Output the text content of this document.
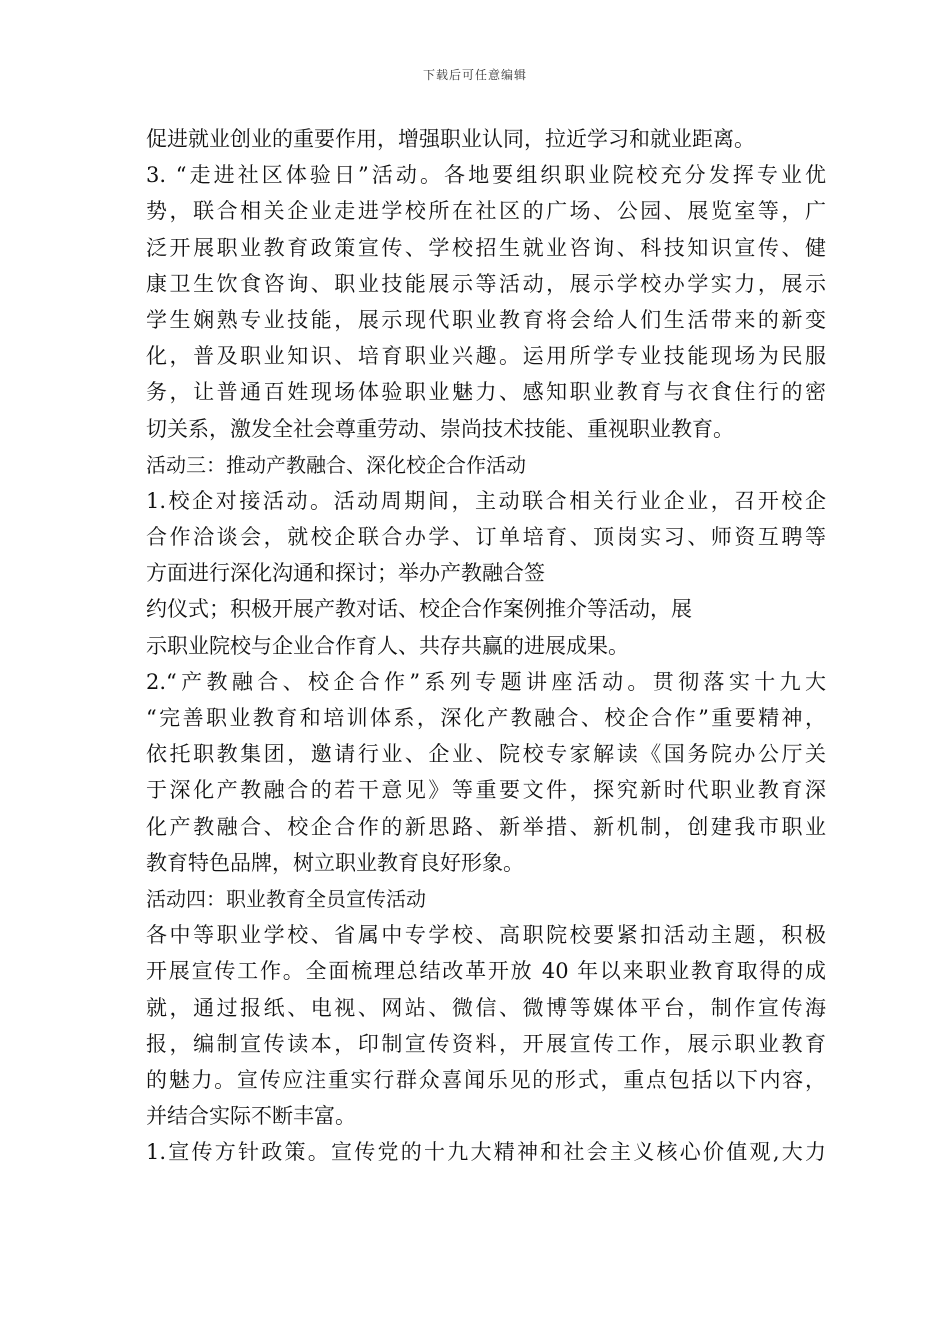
下载后可任意编辑
促进就业创业的重要作用，增强职业认同，拉近学习和就业距离。
3. “走进社区体验日”活动。各地要组织职业院校充分发挥专业优
势，联合相关企业走进学校所在社区的广场、公园、展览室等，广
泛开展职业教育政策宣传、学校招生就业咨询、科技知识宣传、健
康卫生饮食咨询、职业技能展示等活动，展示学校办学实力，展示
学生娴熟专业技能，展示现代职业教育将会给人们生活带来的新变
化，普及职业知识、培育职业兴趣。运用所学专业技能现场为民服
务，让普通百姓现场体验职业魅力、感知职业教育与衣食住行的密
切关系，激发全社会尊重劳动、崇尚技术技能、重视职业教育。
活动三：推动产教融合、深化校企合作活动
1.校企对接活动。活动周期间，主动联合相关行业企业，召开校企
合作洽谈会，就校企联合办学、订单培育、顶岗实习、师资互聘等
方面进行深化沟通和探讨；举办产教融合签
约仪式；积极开展产教对话、校企合作案例推介等活动，展
示职业院校与企业合作育人、共存共赢的进展成果。
2.“产教融合、校企合作”系列专题讲座活动。贯彻落实十九大
“完善职业教育和培训体系，深化产教融合、校企合作”重要精神，
依托职教集团，邀请行业、企业、院校专家解读《国务院办公厅关
于深化产教融合的若干意见》等重要文件，探究新时代职业教育深
化产教融合、校企合作的新思路、新举措、新机制，创建我市职业
教育特色品牌，树立职业教育良好形象。
活动四：职业教育全员宣传活动
各中等职业学校、省属中专学校、高职院校要紧扣活动主题，积极
开展宣传工作。全面梳理总结改革开放 40 年以来职业教育取得的成
就，通过报纸、电视、网站、微信、微博等媒体平台，制作宣传海
报，编制宣传读本，印制宣传资料，开展宣传工作，展示职业教育
的魅力。宣传应注重实行群众喜闻乐见的形式，重点包括以下内容，
并结合实际不断丰富。
1.宣传方针政策。宣传党的十九大精神和社会主义核心价值观,大力
